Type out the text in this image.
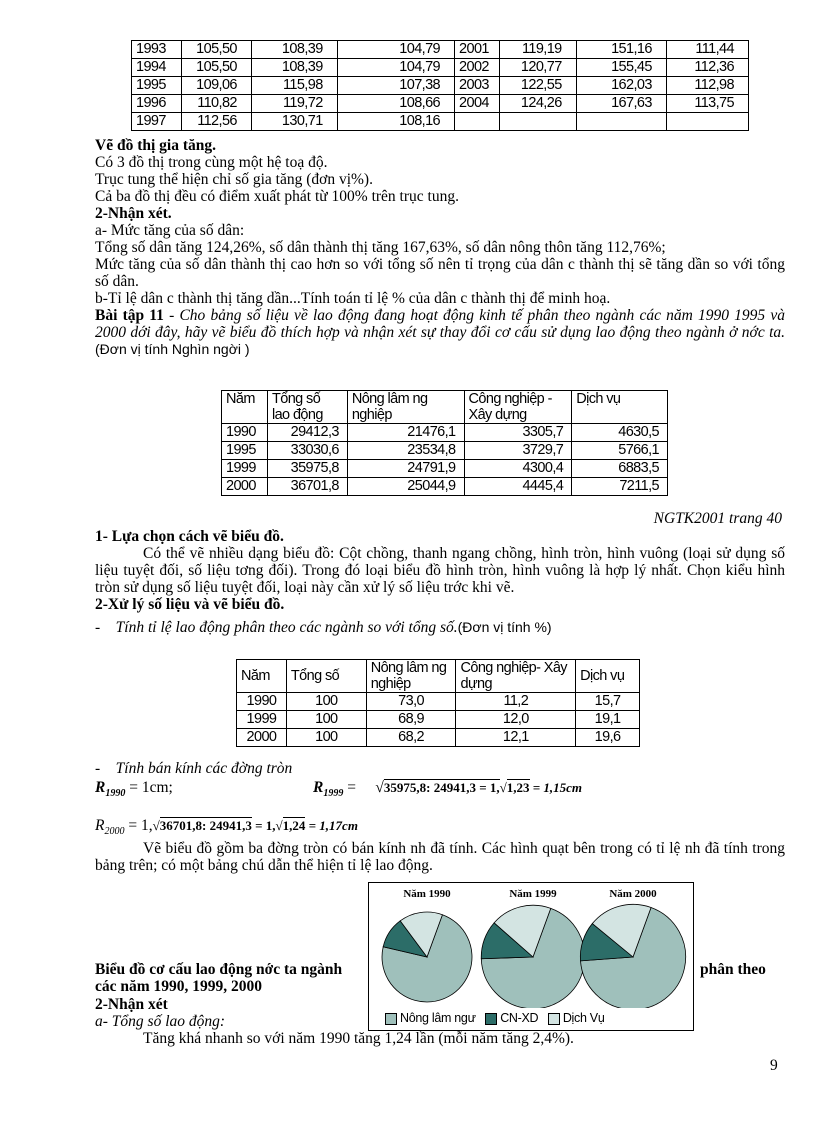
1993	105,50	108,39	104,79	2001	119,19	151,16	111,44
1994	105,50	108,39	104,79	2002	120,77	155,45	112,36
1995	109,06	115,98	107,38	2003	122,55	162,03	112,98
1996	110,82	119,72	108,66	2004	124,26	167,63	113,75
1997	112,56	130,71	108,16				

Vẽ đồ thị gia tăng.

Có 3 đồ thị trong cùng một hệ toạ độ.

Trục tung thể hiện chỉ số gia tăng (đơn vị%).

Cả ba đồ thị đều có điểm xuất phát từ 100% trên trục tung.

2-Nhận xét.

a- Mức tăng của số dân:

Tổng số dân tăng 124,26%, số dân thành thị tăng 167,63%, số dân nông thôn tăng 112,76%;

Mức tăng của số dân thành thị cao hơn so với tổng số nên tỉ trọng của dân c thành thị sẽ tăng dần so với tổng số dân.

b-Tỉ lệ dân c thành thị tăng dần...Tính toán tỉ lệ % của dân c thành thị để minh hoạ.

Bài tập 11 - Cho bảng số liệu về lao động đang hoạt động kinh tế phân theo ngành các năm 1990 1995 và 2000 dới đây, hãy vẽ biểu đồ thích hợp và nhận xét sự thay đổi cơ cấu sử dụng lao động theo ngành ở nớc ta. (Đơn vị tính Nghìn ngời )

Năm	Tổng số lao động	Nông lâm ng nghiệp	Công nghiệp - Xây dựng	Dịch vụ
1990	29412,3	21476,1	3305,7	4630,5
1995	33030,6	23534,8	3729,7	5766,1
1999	35975,8	24791,9	4300,4	6883,5
2000	36701,8	25044,9	4445,4	7211,5
NGTK2001 trang 40

1- Lựa chọn cách vẽ biểu đồ.

Có thể vẽ nhiều dạng biểu đồ: Cột chồng, thanh ngang chồng, hình tròn, hình vuông (loại sử dụng số liệu tuyệt đối, số liệu tơng đối). Trong đó loại biểu đồ hình tròn, hình vuông là hợp lý nhất. Chọn kiểu hình tròn sử dụng số liệu tuyệt đối, loại này cần xử lý số liệu trớc khi vẽ.

2-Xử lý số liệu và vẽ biểu đồ.

- Tính tỉ lệ lao động phân theo các ngành so với tổng số.(Đơn vị tính %)

Năm	Tổng số	Nông lâm ng nghiệp	Công nghiệp- Xây dựng	Dịch vụ
1990	100	73,0	11,2	15,7
1999	100	68,9	12,0	19,1
2000	100	68,2	12,1	19,6

- Tính bán kính các đờng tròn

$R_{1990} = 1cm$;	$R_{1999}$ =     √35975,8: 24941,3 = 1,√1,23 = 1,15cm

$R_{2000} = 1,√36701,8$: 24941,3 = 1,√1,24 = 1,17cm

Vẽ biểu đồ gồm ba đờng tròn có bán kính nh đã tính. Các hình quạt bên trong có tỉ lệ nh đã tính trong bảng trên; có một bảng chú dẫn thể hiện tỉ lệ lao động.

Năm 1990	Năm 1999	Năm 2000
Nông lâm ngư CN-XD Dịch Vụ
Biểu đồ cơ cấu lao động nớc ta ngành các năm 1990, 1999, 2000
phân theo

2-Nhận xét

a- Tổng số lao động:

Tăng khá nhanh so với năm 1990 tăng 1,24 lần (mỗi năm tăng 2,4%).

9
